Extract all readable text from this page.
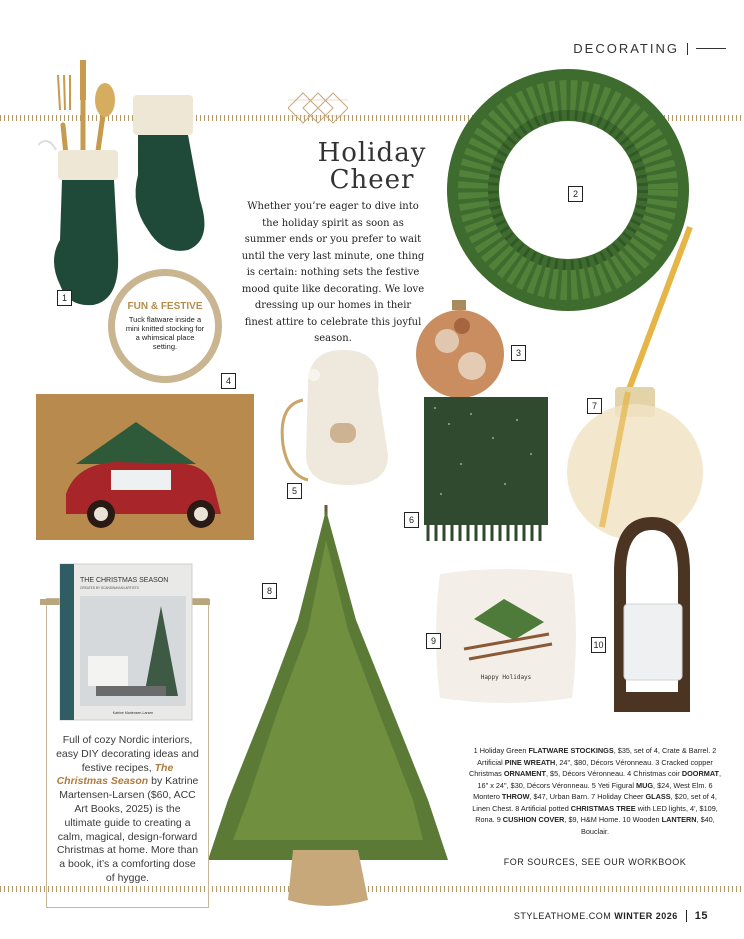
DECORATING
Holiday
Cheer
Whether you’re eager to dive into the holiday spirit as soon as summer ends or you prefer to wait until the very last minute, one thing is certain: nothing sets the festive mood quite like decorating. We love dressing up our homes in their finest attire to celebrate this joyful season.
FUN & FESTIVE
Tuck flatware inside a mini knitted stocking for a whimsical place setting.
Happy Holidays
1
2
3
4
5
6
7
8
9	10
THE CHRISTMAS SEASON
CREATED BY SCANDINAVIAN ARTISTS
Katrine Martensen-Larsen
Full of cozy Nordic interiors, easy DIY decorating ideas and festive recipes, The Christmas Season by Katrine Martensen-Larsen ($60, ACC Art Books, 2025) is the ultimate guide to creating a calm, magical, design-forward Christmas at home. More than a book, it’s a comforting dose of hygge.
1 Holiday Green FLATWARE STOCKINGS, $35, set of 4, Crate & Barrel. 2 Artificial PINE WREATH, 24", $80, Décors Véronneau. 3 Cracked copper Christmas ORNAMENT, $5, Décors Véronneau. 4 Christmas coir DOORMAT, 16" x 24", $30, Décors Véronneau. 5 Yeti Figural MUG, $24, West Elm. 6 Montero THROW, $47, Urban Barn. 7 Holiday Cheer GLASS, $20, set of 4, Linen Chest. 8 Artificial potted CHRISTMAS TREE with LED lights, 4', $109, Rona. 9 CUSHION COVER, $9, H&M Home. 10 Wooden LANTERN, $40, Bouclair.
FOR SOURCES, SEE OUR WORKBOOK
STYLEATHOME.COM WINTER 2026 15
